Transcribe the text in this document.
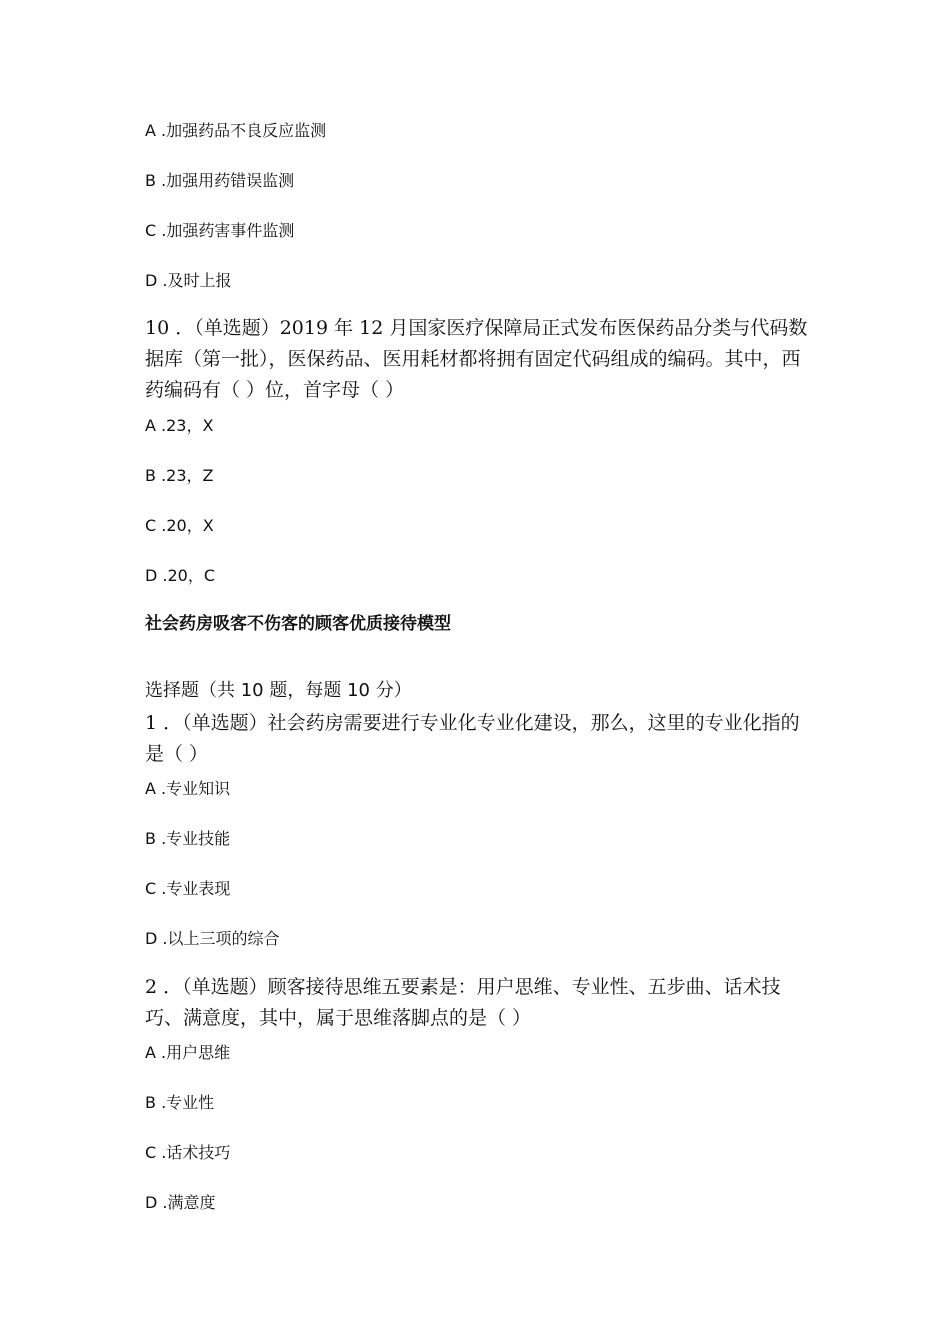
A .加强药品不良反应监测

B .加强用药错误监测

C .加强药害事件监测

D .及时上报

10 ．（单选题）2019 年 12 月国家医疗保障局正式发布医保药品分类与代码数据库（第一批），医保药品、医用耗材都将拥有固定代码组成的编码。其中，西药编码有（ ）位，首字母（ ）

A .23，X

B .23，Z

C .20，X

D .20，C

社会药房吸客不伤客的顾客优质接待模型

选择题（共 10 题，每题 10 分）

1 ．（单选题）社会药房需要进行专业化专业化建设，那么，这里的专业化指的是（ ）

A .专业知识

B .专业技能

C .专业表现

D .以上三项的综合

2 ．（单选题）顾客接待思维五要素是：用户思维、专业性、五步曲、话术技巧、满意度，其中，属于思维落脚点的是（ ）

A .用户思维

B .专业性

C .话术技巧

D .满意度
